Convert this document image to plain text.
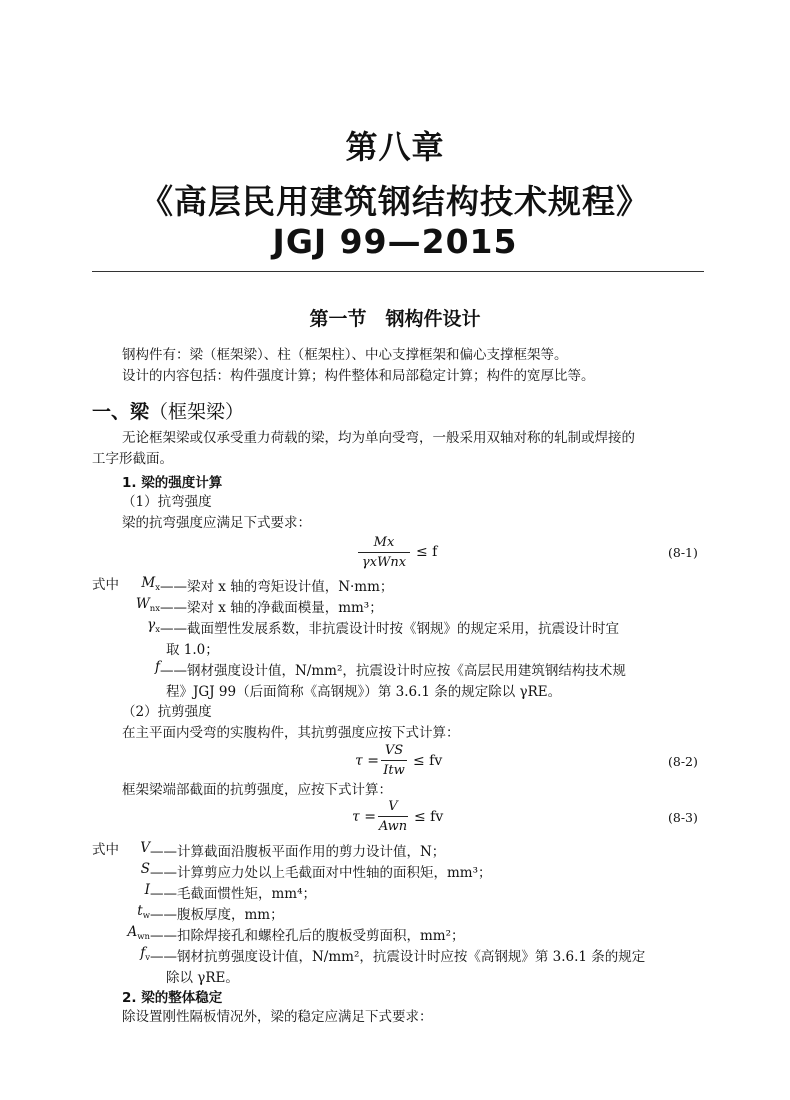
第八章
《高层民用建筑钢结构技术规程》
JGJ 99—2015
第一节　钢构件设计
钢构件有：梁（框架梁）、柱（框架柱）、中心支撑框架和偏心支撑框架等。
设计的内容包括：构件强度计算；构件整体和局部稳定计算；构件的宽厚比等。
一、梁（框架梁）
无论框架梁或仅承受重力荷载的梁，均为单向受弯，一般采用双轴对称的轧制或焊接的
工字形截面。
1. 梁的强度计算
（1）抗弯强度
梁的抗弯强度应满足下式要求：
Mx
γxWnx
≤ f	(8-1)
式中	$M_x$ ——梁对 x 轴的弯矩设计值，N·mm；
$W_{nx}$ ——梁对 x 轴的净截面模量，mm³；
$\gamma_x$ ——截面塑性发展系数，非抗震设计时按《钢规》的规定采用，抗震设计时宜
取 1.0；
f ——钢材强度设计值，N/mm²，抗震设计时应按《高层民用建筑钢结构技术规
程》JGJ 99（后面简称《高钢规》）第 3.6.1 条的规定除以 γRE。
（2）抗剪强度
在主平面内受弯的实腹构件，其抗剪强度应按下式计算：
τ =
VS
Itw
≤ fv	(8-2)
框架梁端部截面的抗剪强度，应按下式计算：
τ =
V
Awn
≤ fv	(8-3)
式中	V ——计算截面沿腹板平面作用的剪力设计值，N；
S ——计算剪应力处以上毛截面对中性轴的面积矩，mm³；
I ——毛截面惯性矩，mm⁴；
$t_w$ ——腹板厚度，mm；
$A_{wn}$ ——扣除焊接孔和螺栓孔后的腹板受剪面积，mm²；
$f_v$ ——钢材抗剪强度设计值，N/mm²，抗震设计时应按《高钢规》第 3.6.1 条的规定
除以 γRE。
2. 梁的整体稳定
除设置刚性隔板情况外，梁的稳定应满足下式要求：
